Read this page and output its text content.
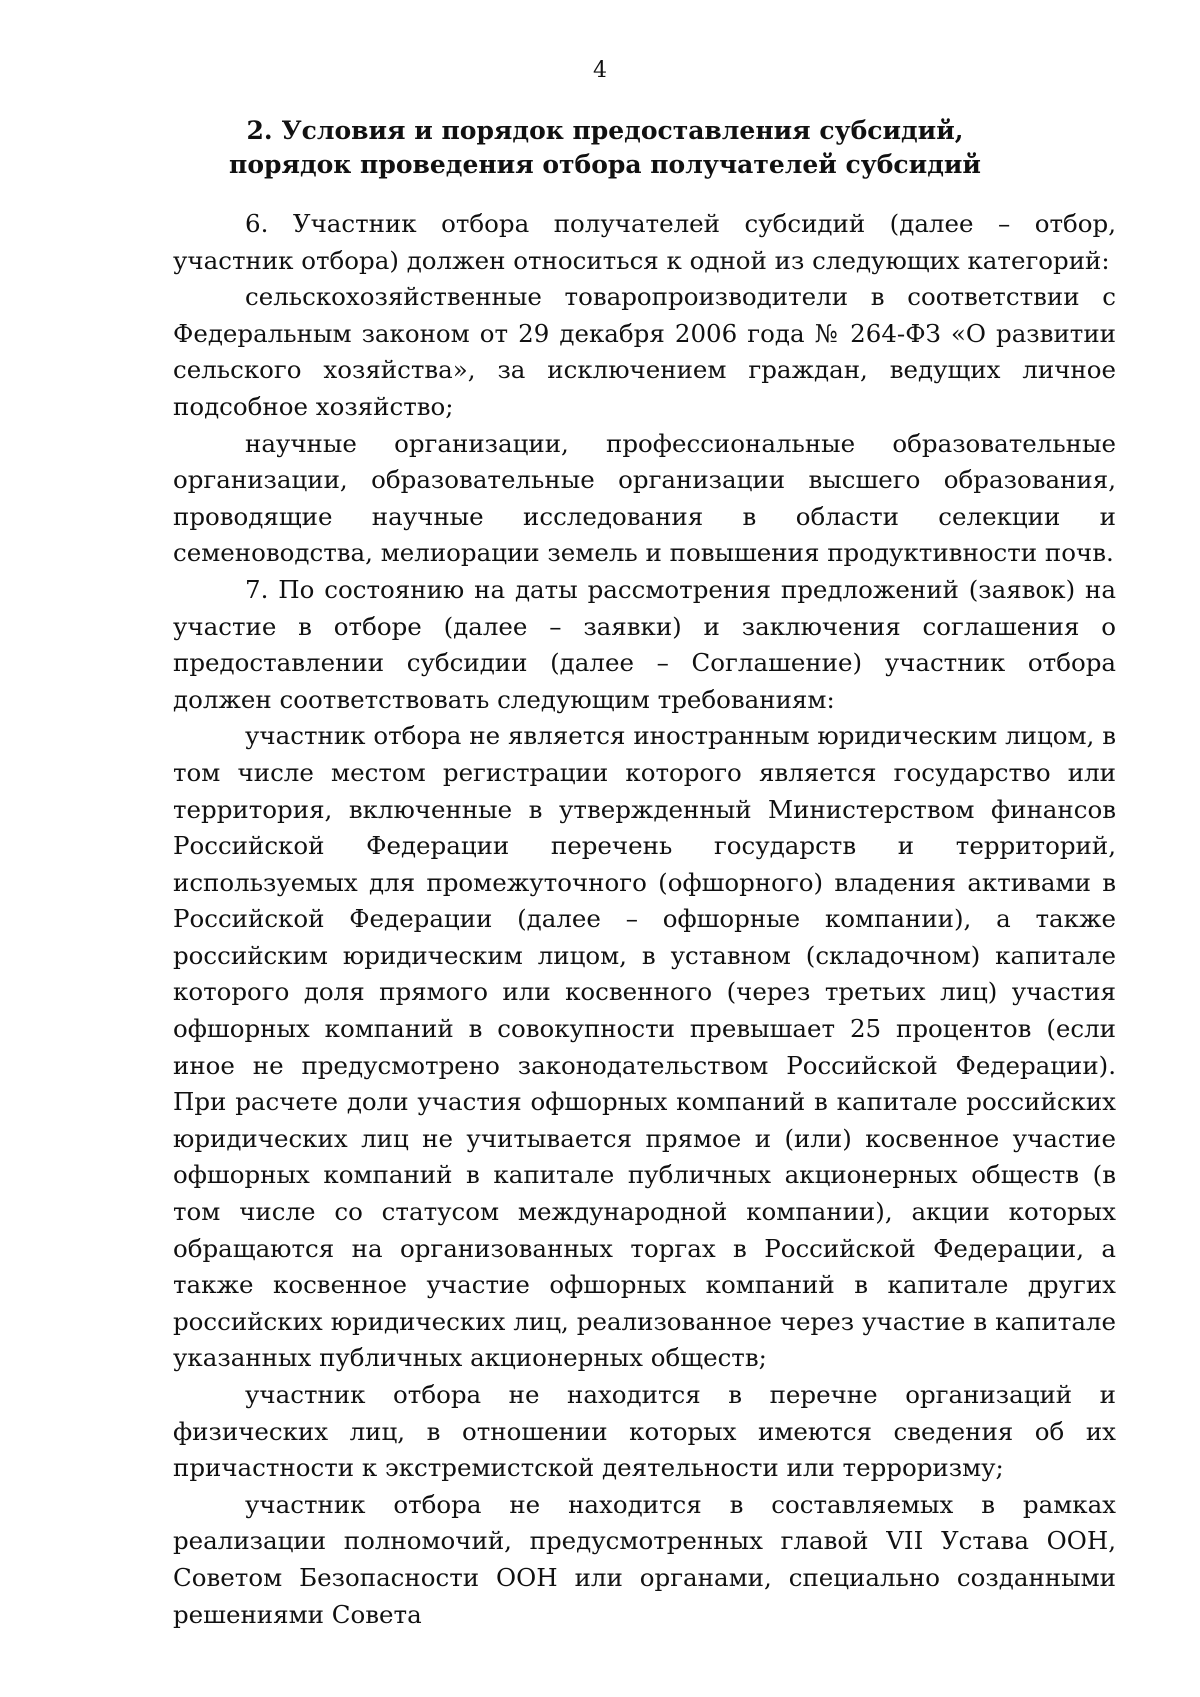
4
2. Условия и порядок предоставления субсидий,
порядок проведения отбора получателей субсидий

6. Участник отбора получателей субсидий (далее – отбор, участник отбора) должен относиться к одной из следующих категорий:

сельскохозяйственные товаропроизводители в соответствии с Федеральным законом от 29 декабря 2006 года № 264-ФЗ «О развитии сельского хозяйства», за исключением граждан, ведущих личное подсобное хозяйство;

научные организации, профессиональные образовательные организации, образовательные организации высшего образования, проводящие научные исследования в области селекции и семеноводства, мелиорации земель и повышения продуктивности почв.

7. По состоянию на даты рассмотрения предложений (заявок) на участие в отборе (далее – заявки) и заключения соглашения о предоставлении субсидии (далее – Соглашение) участник отбора должен соответствовать следующим требованиям:

участник отбора не является иностранным юридическим лицом, в том числе местом регистрации которого является государство или территория, включенные в утвержденный Министерством финансов Российской Федерации перечень государств и территорий, используемых для промежуточного (офшорного) владения активами в Российской Федерации (далее – офшорные компании), а также российским юридическим лицом, в уставном (складочном) капитале которого доля прямого или косвенного (через третьих лиц) участия офшорных компаний в совокупности превышает 25 процентов (если иное не предусмотрено законодательством Российской Федерации). При расчете доли участия офшорных компаний в капитале российских юридических лиц не учитывается прямое и (или) косвенное участие офшорных компаний в капитале публичных акционерных обществ (в том числе со статусом международной компании), акции которых обращаются на организованных торгах в Российской Федерации, а также косвенное участие офшорных компаний в капитале других российских юридических лиц, реализованное через участие в капитале указанных публичных акционерных обществ;

участник отбора не находится в перечне организаций и физических лиц, в отношении которых имеются сведения об их причастности к экстремистской деятельности или терроризму;

участник отбора не находится в составляемых в рамках реализации полномочий, предусмотренных главой VII Устава ООН, Советом Безопасности ООН или органами, специально созданными решениями Совета
